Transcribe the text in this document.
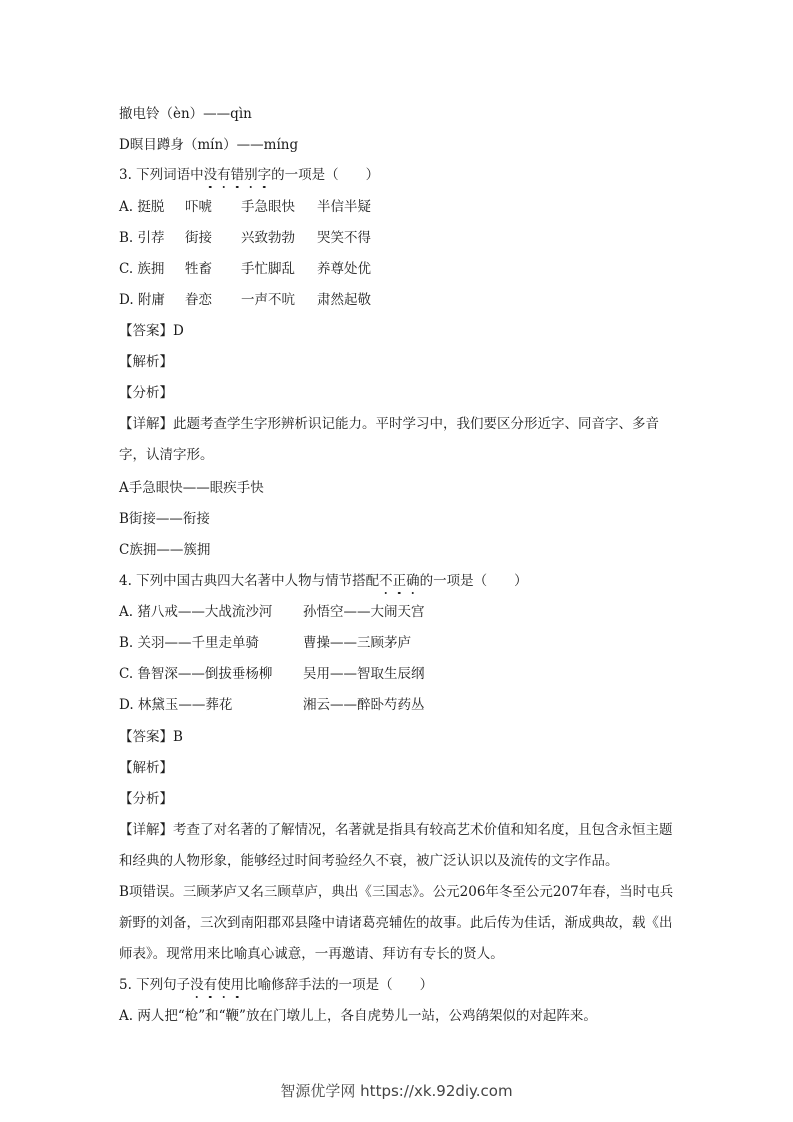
撤电铃（èn）——qìn
D暝目蹲身（mín）——míng
3. 下列词语中没有错别字的一项是（　　）
A. 挺脱	吓唬	手急眼快	半信半疑
B. 引荐	街接	兴致勃勃	哭笑不得
C. 族拥	牲畜	手忙脚乱	养尊处优
D. 附庸	眷恋	一声不吭	肃然起敬
【答案】D
【解析】
【分析】
【详解】此题考查学生字形辨析识记能力。平时学习中，我们要区分形近字、同音字、多音字，认清字形。
A手急眼快——眼疾手快
B街接——衔接
C族拥——簇拥
4. 下列中国古典四大名著中人物与情节搭配不正确的一项是（　　）
A. 猪八戒——大战流沙河	孙悟空——大闹天宫
B. 关羽——千里走单骑	曹操——三顾茅庐
C. 鲁智深——倒拔垂杨柳	吴用——智取生辰纲
D. 林黛玉——葬花	湘云——醉卧芍药丛
【答案】B
【解析】
【分析】
【详解】考查了对名著的了解情况，名著就是指具有较高艺术价值和知名度，且包含永恒主题和经典的人物形象，能够经过时间考验经久不衰，被广泛认识以及流传的文字作品。
B项错误。三顾茅庐又名三顾草庐，典出《三国志》。公元206年冬至公元207年春，当时屯兵新野的刘备，三次到南阳郡邓县隆中请诸葛亮辅佐的故事。此后传为佳话，渐成典故，载《出师表》。现常用来比喻真心诚意，一再邀请、拜访有专长的贤人。
5. 下列句子没有使用比喻修辞手法的一项是（　　）
A. 两人把“枪”和“鞭”放在门墩儿上，各自虎势儿一站，公鸡鹐架似的对起阵来。
智源优学网 https://xk.92diy.com
